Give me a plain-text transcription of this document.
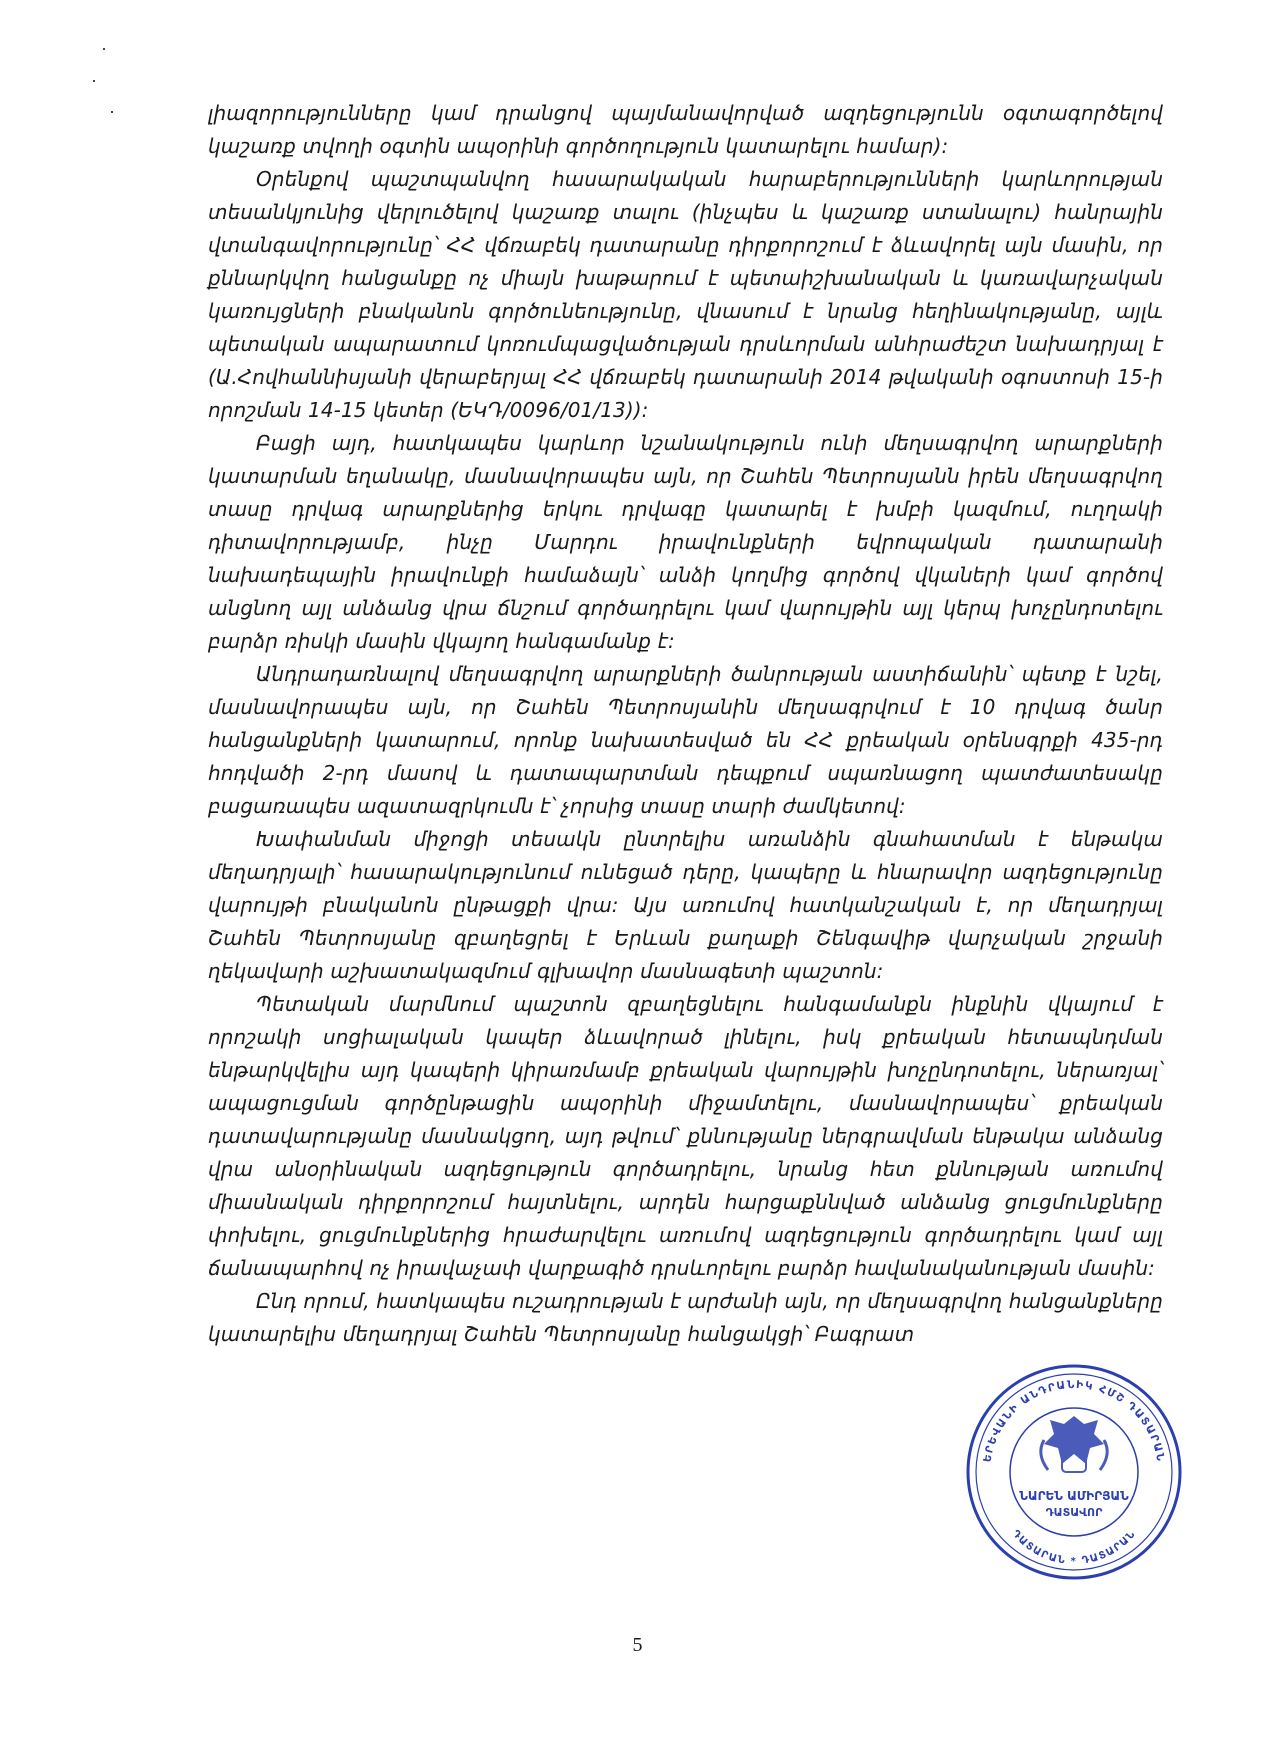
լիազորությունները կամ դրանցով պայմանավորված ազդեցությունն օգտագործելով կաշառք տվողի օգտին ապօրինի գործողություն կատարելու համար):

Օրենքով պաշտպանվող հասարակական հարաբերությունների կարևորության տեսանկյունից վերլուծելով կաշառք տալու (ինչպես և կաշառք ստանալու) հանրային վտանգավորությունը՝ ՀՀ վճռաբեկ դատարանը դիրքորոշում է ձևավորել այն մասին, որ քննարկվող հանցանքը ոչ միայն խաթարում է պետաիշխանական և կառավարչական կառույցների բնականոն գործունեությունը, վնասում է նրանց հեղինակությանը, այլև պետական ապարատում կոռումպացվածության դրսևորման անհրաժեշտ նախադրյալ է (Ա.Հովհաննիսյանի վերաբերյալ ՀՀ վճռաբեկ դատարանի 2014 թվականի օգոստոսի 15-ի որոշման 14-15 կետեր (ԵԿԴ/0096/01/13)):

Բացի այդ, հատկապես կարևոր նշանակություն ունի մեղսագրվող արարքների կատարման եղանակը, մասնավորապես այն, որ Շահեն Պետրոսյանն իրեն մեղսագրվող տասը դրվագ արարքներից երկու դրվագը կատարել է խմբի կազմում, ուղղակի դիտավորությամբ, ինչը Մարդու իրավունքների եվրոպական դատարանի նախադեպային իրավունքի համաձայն՝ անձի կողմից գործով վկաների կամ գործով անցնող այլ անձանց վրա ճնշում գործադրելու կամ վարույթին այլ կերպ խոչընդոտելու բարձր ռիսկի մասին վկայող հանգամանք է:

Անդրադառնալով մեղսագրվող արարքների ծանրության աստիճանին՝ պետք է նշել, մասնավորապես այն, որ Շահեն Պետրոսյանին մեղսագրվում է 10 դրվագ ծանր հանցանքների կատարում, որոնք նախատեսված են ՀՀ քրեական օրենսգրքի 435-րդ հոդվածի 2-րդ մասով և դատապարտման դեպքում սպառնացող պատժատեսակը բացառապես ազատազրկումն է՝ չորսից տասը տարի ժամկետով:

Խափանման միջոցի տեսակն ընտրելիս առանձին գնահատման է ենթակա մեղադրյալի՝ հասարակությունում ունեցած դերը, կապերը և հնարավոր ազդեցությունը վարույթի բնականոն ընթացքի վրա: Այս առումով հատկանշական է, որ մեղադրյալ Շահեն Պետրոսյանը զբաղեցրել է Երևան քաղաքի Շենգավիթ վարչական շրջանի ղեկավարի աշխատակազմում գլխավոր մասնագետի պաշտոն:

Պետական մարմնում պաշտոն զբաղեցնելու հանգամանքն ինքնին վկայում է որոշակի սոցիալական կապեր ձևավորած լինելու, իսկ քրեական հետապնդման ենթարկվելիս այդ կապերի կիրառմամբ քրեական վարույթին խոչընդոտելու, ներառյալ՝ ապացուցման գործընթացին ապօրինի միջամտելու, մասնավորապես՝ քրեական դատավարությանը մասնակցող, այդ թվում՝ քննությանը ներգրավման ենթակա անձանց վրա անօրինական ազդեցություն գործադրելու, նրանց հետ քննության առումով միասնական դիրքորոշում հայտնելու, արդեն հարցաքննված անձանց ցուցմունքները փոխելու, ցուցմունքներից հրաժարվելու առումով ազդեցություն գործադրելու կամ այլ ճանապարհով ոչ իրավաչափ վարքագիծ դրսևորելու բարձր հավանականության մասին:

Ընդ որում, հատկապես ուշադրության է արժանի այն, որ մեղսագրվող հանցանքները կատարելիս մեղադրյալ Շահեն Պետրոսյանը հանցակցի՝ Բագրատ

ԵՐԵՎԱՆԻ ԱՆԴՐԱՆԻԿ ՀՄՇ ԴԱՏԱՐԱՆ
ՆԱՐԵՆ ԱՄԻՐՅԱՆ
ԴԱՏԱՎՈՐ
ԴԱՏԱՐԱՆ * ԴԱՏԱՐԱՆ
5
